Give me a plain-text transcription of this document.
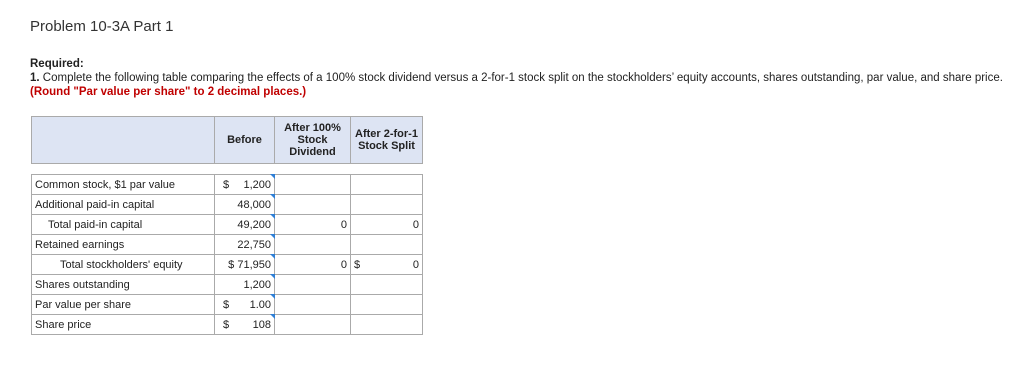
Problem 10-3A Part 1
Required:
1. Complete the following table comparing the effects of a 100% stock dividend versus a 2-for-1 stock split on the stockholders’ equity accounts, shares outstanding, par value, and share price. (Round "Par value per share" to 2 decimal places.)
	Before	After 100% Stock Dividend	After 2-for-1 Stock Split

Common stock, $1 par value	$ 1,200		

Additional paid-in capital	48,000		

Total paid-in capital	49,200	0	0

Retained earnings	22,750		

Total stockholders' equity	$ 71,950	0	$ 0

Shares outstanding	1,200		

Par value per share	$ 1.00		

Share price	$ 108		
